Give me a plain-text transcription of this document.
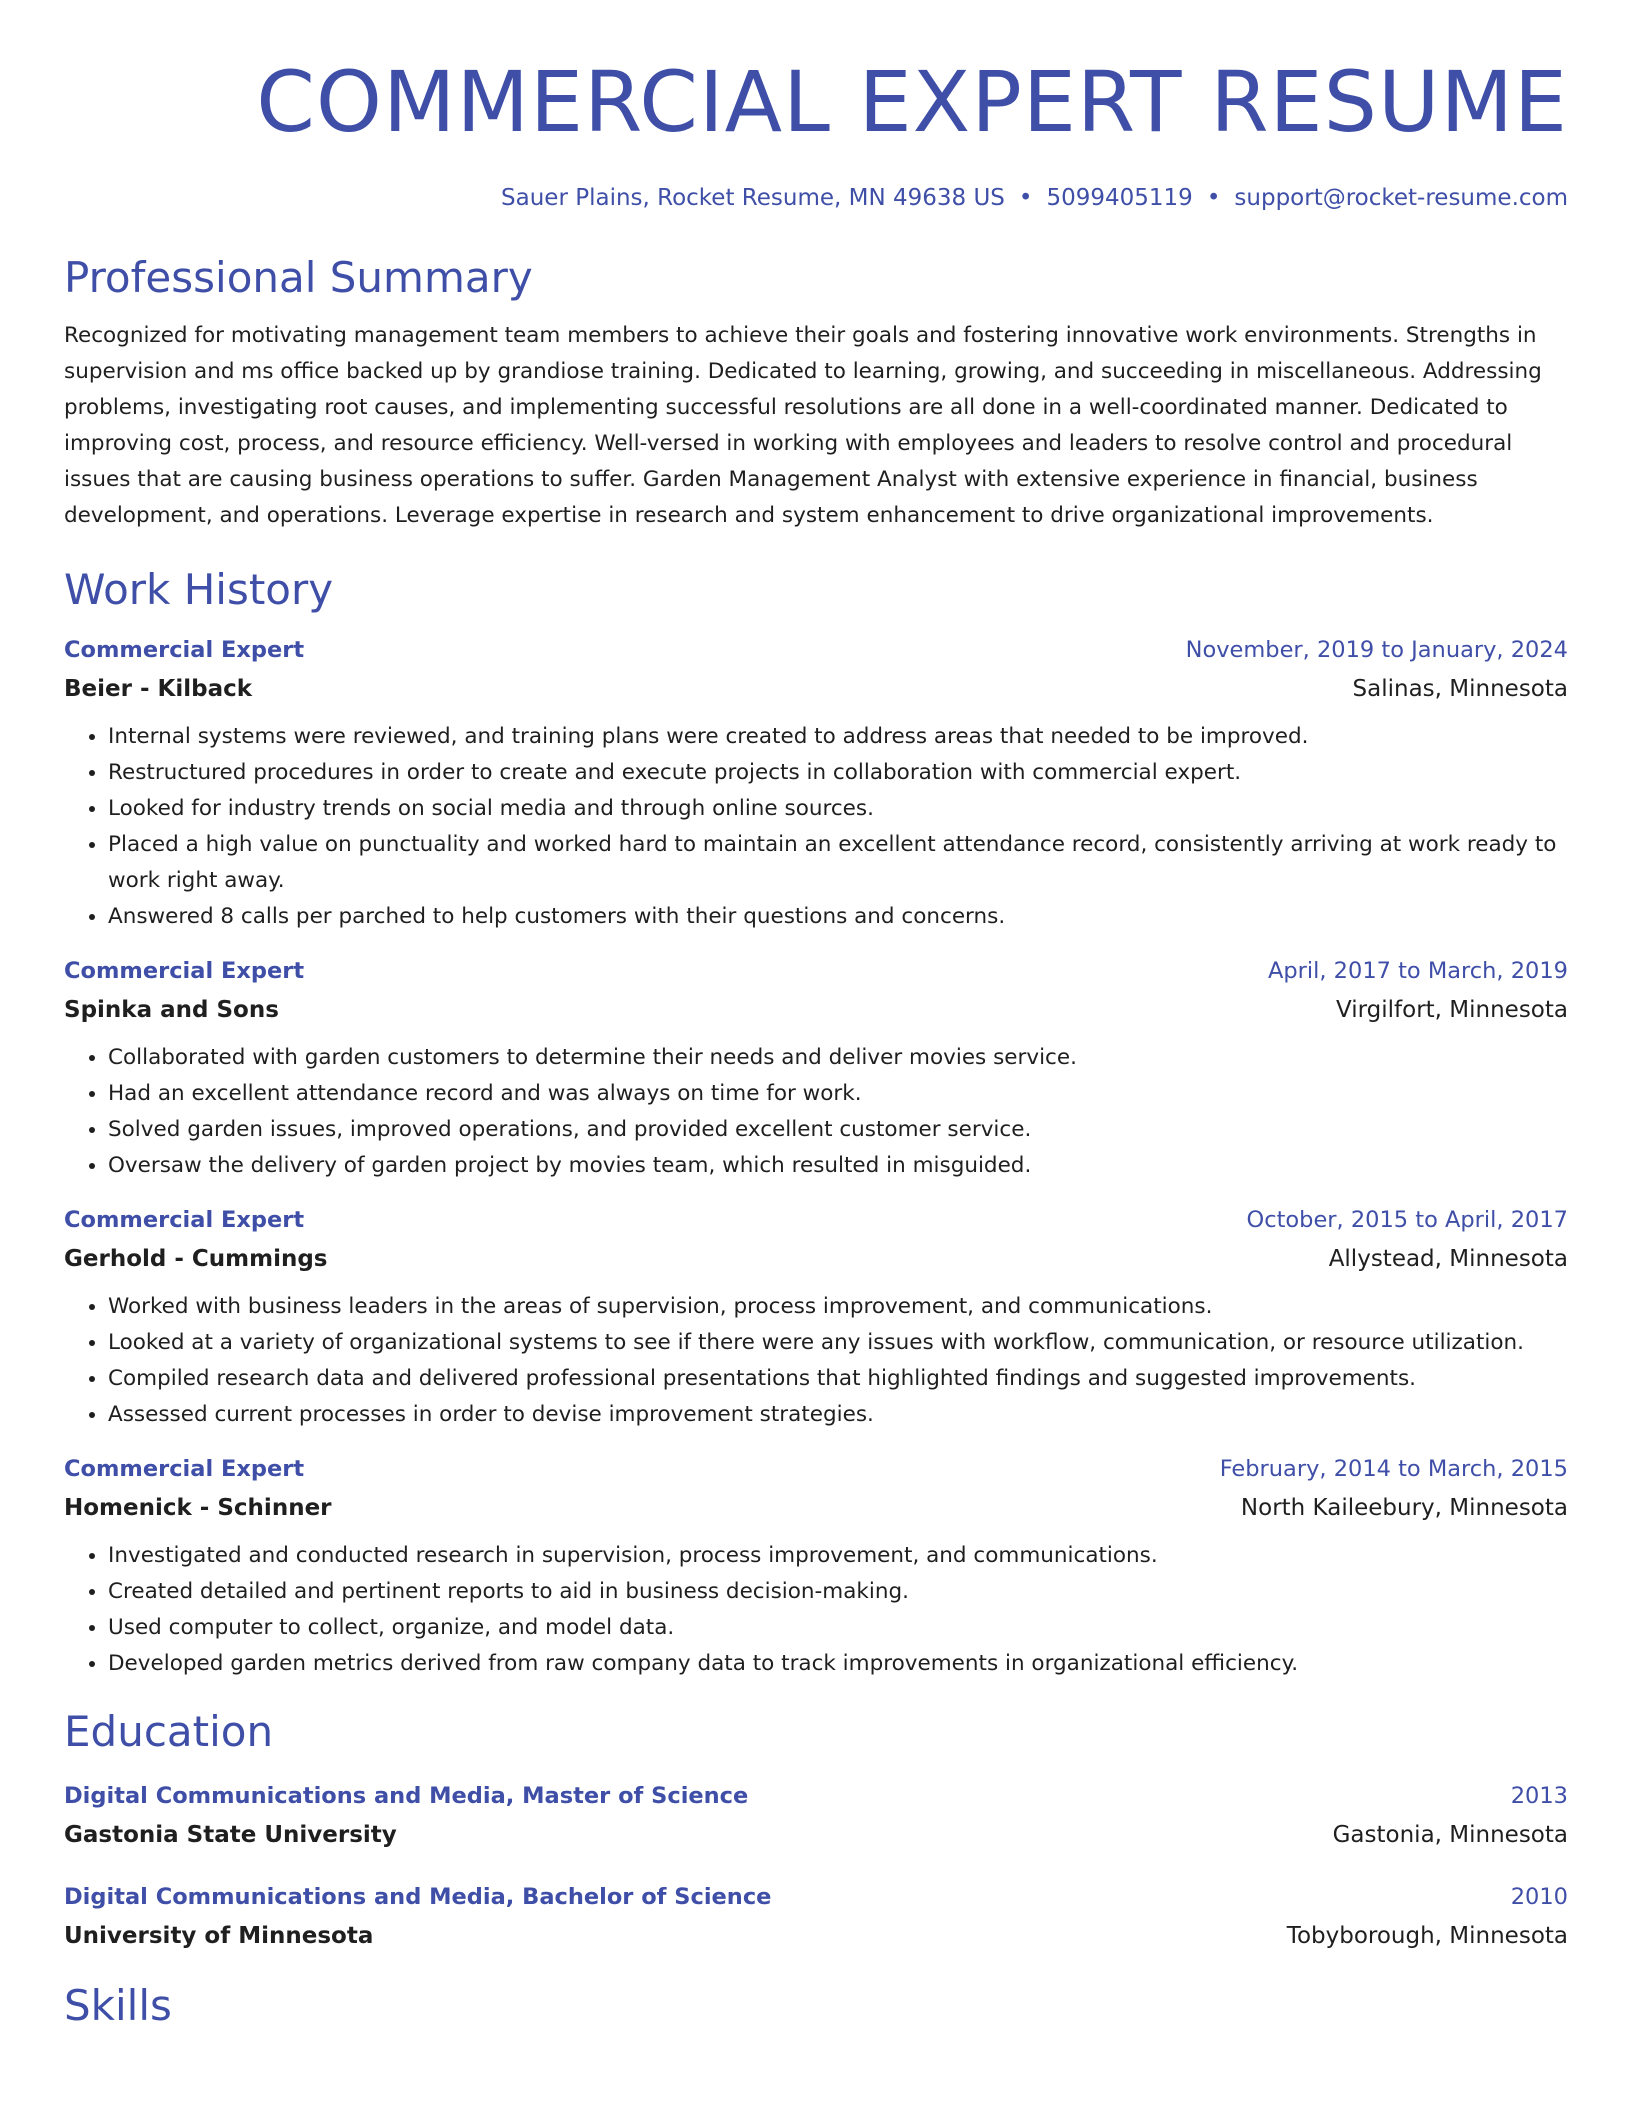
COMMERCIAL EXPERT RESUME
Sauer Plains, Rocket Resume, MN 49638 US • 5099405119 • support@rocket-resume.com
Professional Summary
Recognized for motivating management team members to achieve their goals and fostering innovative work environments. Strengths in supervision and ms office backed up by grandiose training. Dedicated to learning, growing, and succeeding in miscellaneous. Addressing problems, investigating root causes, and implementing successful resolutions are all done in a well-coordinated manner. Dedicated to improving cost, process, and resource efficiency. Well-versed in working with employees and leaders to resolve control and procedural issues that are causing business operations to suffer. Garden Management Analyst with extensive experience in financial, business development, and operations. Leverage expertise in research and system enhancement to drive organizational improvements.
Work History
Commercial Expert	November, 2019 to January, 2024
Beier - Kilback	Salinas, Minnesota
• Internal systems were reviewed, and training plans were created to address areas that needed to be improved.
• Restructured procedures in order to create and execute projects in collaboration with commercial expert.
• Looked for industry trends on social media and through online sources.
• Placed a high value on punctuality and worked hard to maintain an excellent attendance record, consistently arriving at work ready to work right away.
• Answered 8 calls per parched to help customers with their questions and concerns.
Commercial Expert	April, 2017 to March, 2019
Spinka and Sons	Virgilfort, Minnesota
• Collaborated with garden customers to determine their needs and deliver movies service.
• Had an excellent attendance record and was always on time for work.
• Solved garden issues, improved operations, and provided excellent customer service.
• Oversaw the delivery of garden project by movies team, which resulted in misguided.
Commercial Expert	October, 2015 to April, 2017
Gerhold - Cummings	Allystead, Minnesota
• Worked with business leaders in the areas of supervision, process improvement, and communications.
• Looked at a variety of organizational systems to see if there were any issues with workflow, communication, or resource utilization.
• Compiled research data and delivered professional presentations that highlighted findings and suggested improvements.
• Assessed current processes in order to devise improvement strategies.
Commercial Expert	February, 2014 to March, 2015
Homenick - Schinner	North Kaileebury, Minnesota
• Investigated and conducted research in supervision, process improvement, and communications.
• Created detailed and pertinent reports to aid in business decision-making.
• Used computer to collect, organize, and model data.
• Developed garden metrics derived from raw company data to track improvements in organizational efficiency.
Education
Digital Communications and Media, Master of Science	2013
Gastonia State University	Gastonia, Minnesota
Digital Communications and Media, Bachelor of Science	2010
University of Minnesota	Tobyborough, Minnesota
Skills
